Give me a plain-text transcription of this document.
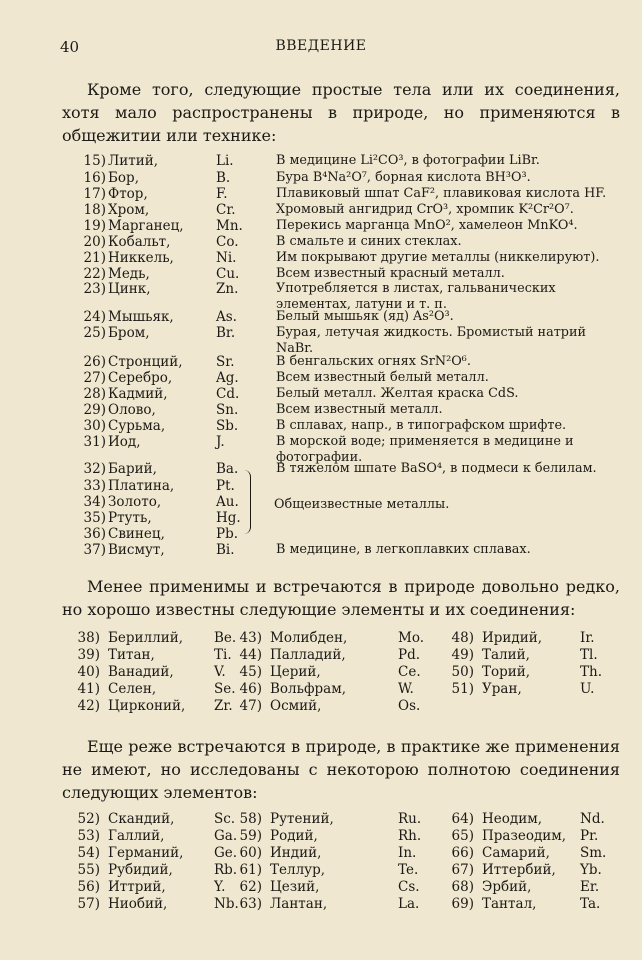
40	ВВЕДЕНИЕ
Кроме того, следующие простые тела или их соединения, хотя мало распространены в природе, но применяются в общежитии или технике:
15) Литий,	Li.	В медицине Li²CO³, в фотографии LiBr.
16) Бор,	B.	Бура B⁴Na²O⁷, борная кислота BH³O³.
17) Фтор,	F.	Плавиковый шпат CaF², плавиковая кислота HF.
18) Хром,	Cr.	Хромовый ангидрид CrO³, хромпик K²Cr²O⁷.
19) Марганец, Mn.	Перекись марганца MnO², хамелеон MnKO⁴.
20) Кобальт,	Co.	В смальте и синих стеклах.
21) Никкель,	Ni.	Им покрывают другие металлы (никкелируют).
22) Медь,	Cu.	Всем известный красный металл.
23) Цинк,	Zn.	Употребляется в листах, гальванических элементах, латуни и т. п.
24) Мышьяк,	As.	Белый мышьяк (яд) As²O³.
25) Бром,	Br.	Бурая, летучая жидкость. Бромистый натрий NaBr.
26) Стронций, Sr.	В бенгальских огнях SrN²O⁶.
27) Серебро,	Ag.	Всем известный белый металл.
28) Кадмий,	Cd.	Белый металл. Желтая краска CdS.
29) Олово,	Sn.	Всем известный металл.
30) Сурьма,	Sb.	В сплавах, напр., в типографском шрифте.
31) Иод,	J.	В морской воде; применяется в медицине и фотографии.
32) Барий,	Ba.	В тяжелом шпате BaSO⁴, в подмеси к белилам.
33) Платина,	Pt.
34) Золото,	Au.
35) Ртуть,	Hg.
36) Свинец,	Pb.
37) Висмут,	Bi.	В медицине, в легкоплавких сплавах.
Общеизвестные металлы.
Менее применимы и встречаются в природе довольно редко, но хорошо известны следующие элементы и их соединения:
38) Бериллий, Be. 43) Молибден,	Mo.	48) Иридий,	Ir.
39) Титан,	Ti. 44) Палладий,	Pd.	49) Талий,	Tl.
40) Ванадий,	V.	45) Церий,	Ce.	50) Торий,	Th.
41) Селен,	Se. 46) Вольфрам,	W.	51) Уран,	U.
42) Цирконий, Zr. 47) Осмий,	Os.
Еще реже встречаются в природе, в практике же применения не имеют, но исследованы с некоторою полнотою соединения следующих элементов:
52) Скандий,	Sc. 58) Рутений,	Ru.	64) Неодим,	Nd.
53) Галлий,	Ga. 59) Родий,	Rh.	65) Празеодим, Pr.
54) Германий, Ge. 60) Индий,	In.	66) Самарий, Sm.
55) Рубидий,	Rb. 61) Теллур,	Te.	67) Иттербий, Yb.
56) Иттрий,	Y.	62) Цезий,	Cs.	68) Эрбий,	Er.
57) Ниобий,	Nb. 63) Лантан,	La.	69) Тантал,	Ta.
